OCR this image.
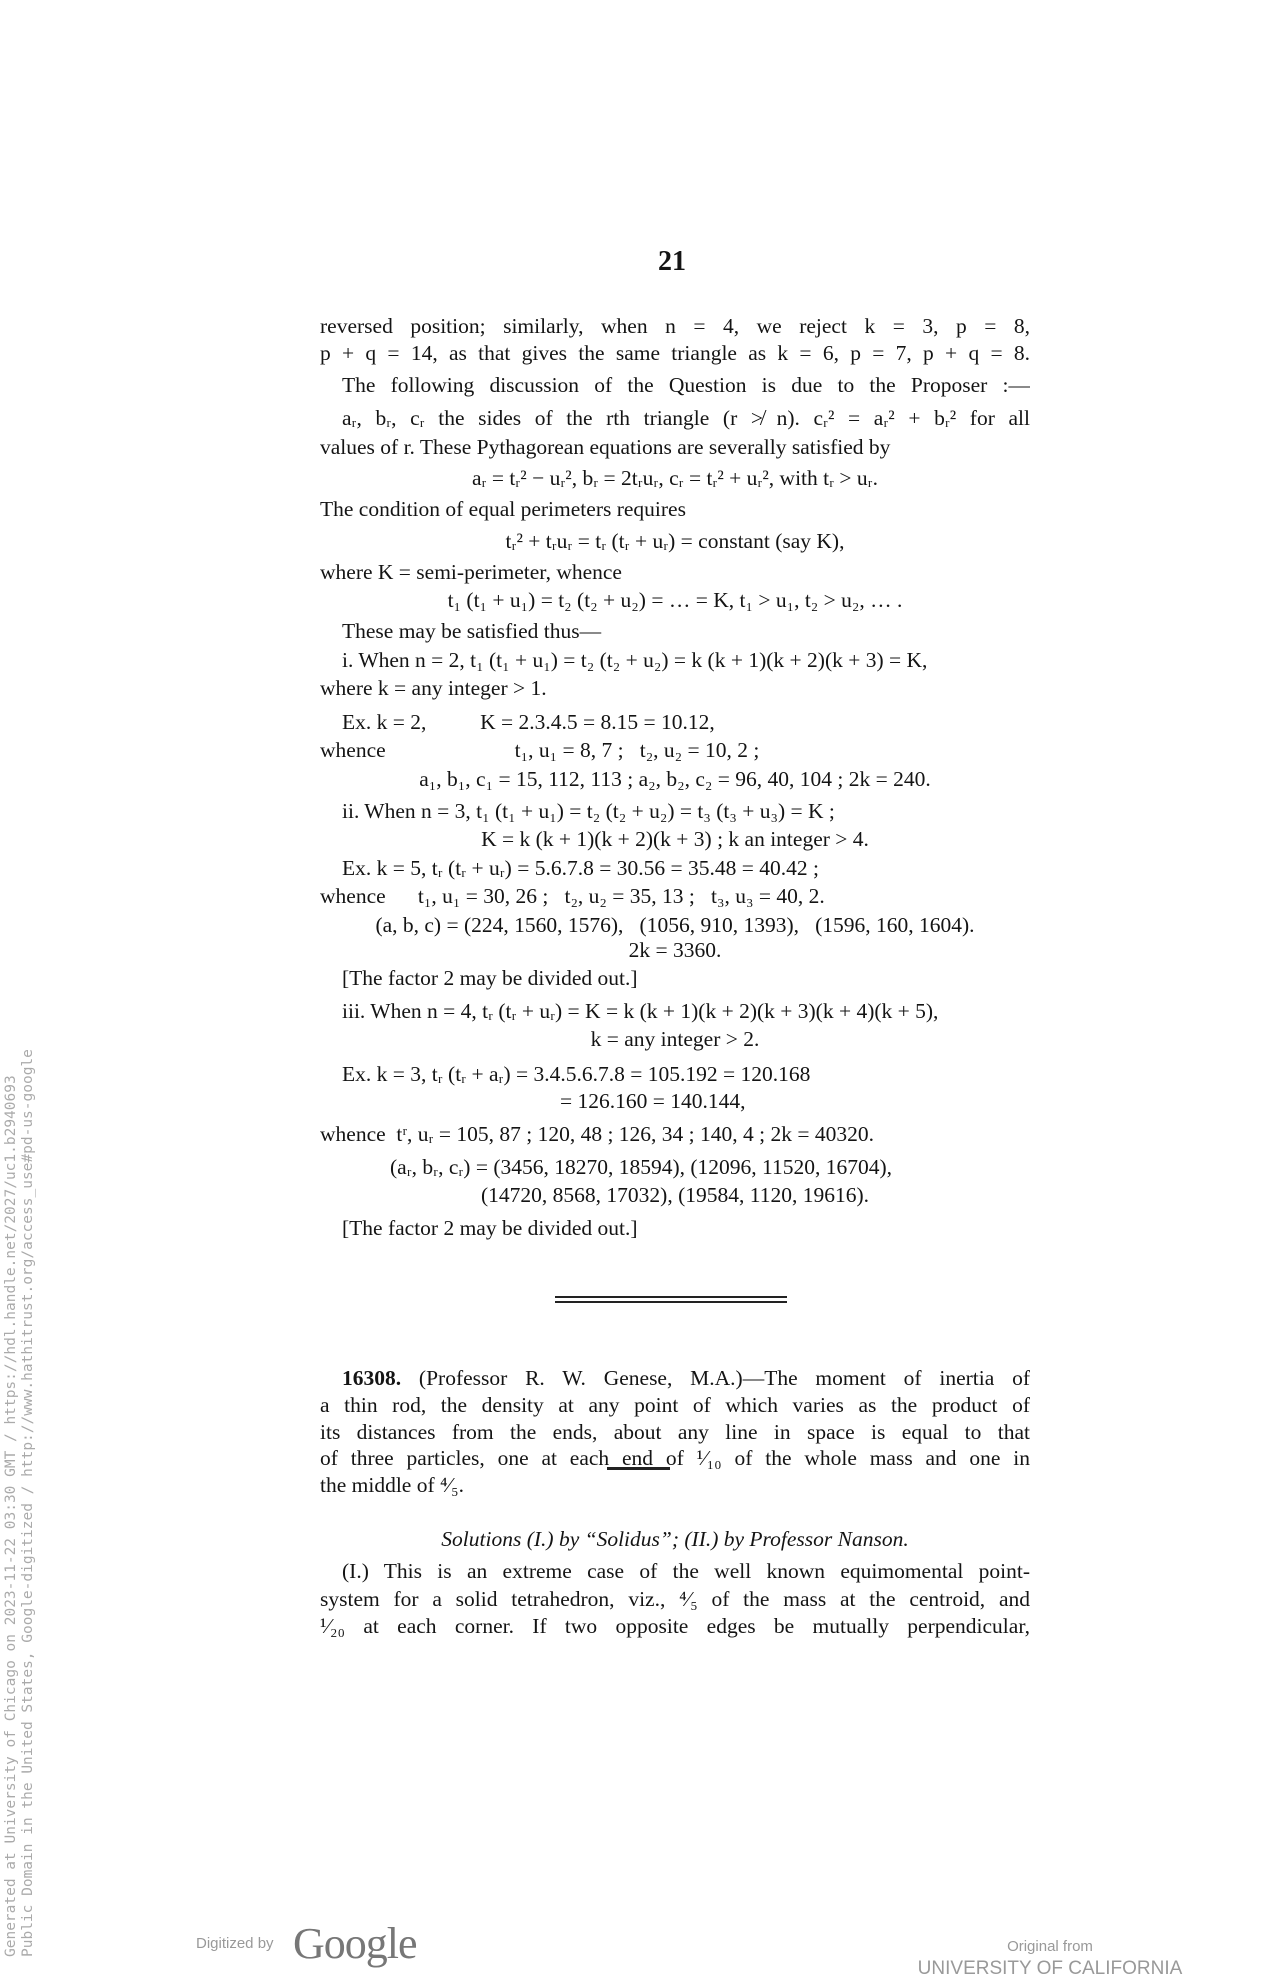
21
reversed position; similarly, when n = 4, we reject k = 3, p = 8,
p + q = 14, as that gives the same triangle as k = 6, p = 7, p + q = 8.
The following discussion of the Question is due to the Proposer :—
aᵣ, bᵣ, cᵣ the sides of the rth triangle (r ≯ n). cᵣ² = aᵣ² + bᵣ² for all
values of r. These Pythagorean equations are severally satisfied by
aᵣ = tᵣ² − uᵣ², bᵣ = 2tᵣuᵣ, cᵣ = tᵣ² + uᵣ², with tᵣ > uᵣ.
The condition of equal perimeters requires
tᵣ² + tᵣuᵣ = tᵣ (tᵣ + uᵣ) = constant (say K),
where K = semi-perimeter, whence
t₁ (t₁ + u₁) = t₂ (t₂ + u₂) = … = K, t₁ > u₁, t₂ > u₂, … .
These may be satisfied thus—
i. When n = 2, t₁ (t₁ + u₁) = t₂ (t₂ + u₂) = k (k + 1)(k + 2)(k + 3) = K,
where k = any integer > 1.
Ex. k = 2,          K = 2.3.4.5 = 8.15 = 10.12,
whence                        t₁, u₁ = 8, 7 ;   t₂, u₂ = 10, 2 ;
a₁, b₁, c₁ = 15, 112, 113 ; a₂, b₂, c₂ = 96, 40, 104 ; 2k = 240.
ii. When n = 3, t₁ (t₁ + u₁) = t₂ (t₂ + u₂) = t₃ (t₃ + u₃) = K ;
K = k (k + 1)(k + 2)(k + 3) ; k an integer > 4.
Ex. k = 5, tᵣ (tᵣ + uᵣ) = 5.6.7.8 = 30.56 = 35.48 = 40.42 ;
whence      t₁, u₁ = 30, 26 ;   t₂, u₂ = 35, 13 ;   t₃, u₃ = 40, 2.
(a, b, c) = (224, 1560, 1576),   (1056, 910, 1393),   (1596, 160, 1604).
2k = 3360.
[The factor 2 may be divided out.]
iii. When n = 4, tᵣ (tᵣ + uᵣ) = K = k (k + 1)(k + 2)(k + 3)(k + 4)(k + 5),
k = any integer > 2.
Ex. k = 3, tᵣ (tᵣ + aᵣ) = 3.4.5.6.7.8 = 105.192 = 120.168
= 126.160 = 140.144,
whence  tʳ, uᵣ = 105, 87 ; 120, 48 ; 126, 34 ; 140, 4 ; 2k = 40320.
(aᵣ, bᵣ, cᵣ) = (3456, 18270, 18594), (12096, 11520, 16704),
(14720, 8568, 17032), (19584, 1120, 19616).
[The factor 2 may be divided out.]
16308. (Professor R. W. Genese, M.A.)—The moment of inertia of
a thin rod, the density at any point of which varies as the product of
its distances from the ends, about any line in space is equal to that
of three particles, one at each end of ¹⁄₁₀ of the whole mass and one in
the middle of ⁴⁄₅.
Solutions (I.) by “Solidus”; (II.) by Professor Nanson.
(I.) This is an extreme case of the well known equimomental point-
system for a solid tetrahedron, viz., ⁴⁄₅ of the mass at the centroid, and
¹⁄₂₀ at each corner. If two opposite edges be mutually perpendicular,
Generated at University of Chicago on 2023-11-22 03:30 GMT / https://hdl.handle.net/2027/uc1.b2940693 Public Domain in the United States, Google-digitized / http://www.hathitrust.org/access_use#pd-us-google	Digitized by Google	Original from
UNIVERSITY OF CALIFORNIA
